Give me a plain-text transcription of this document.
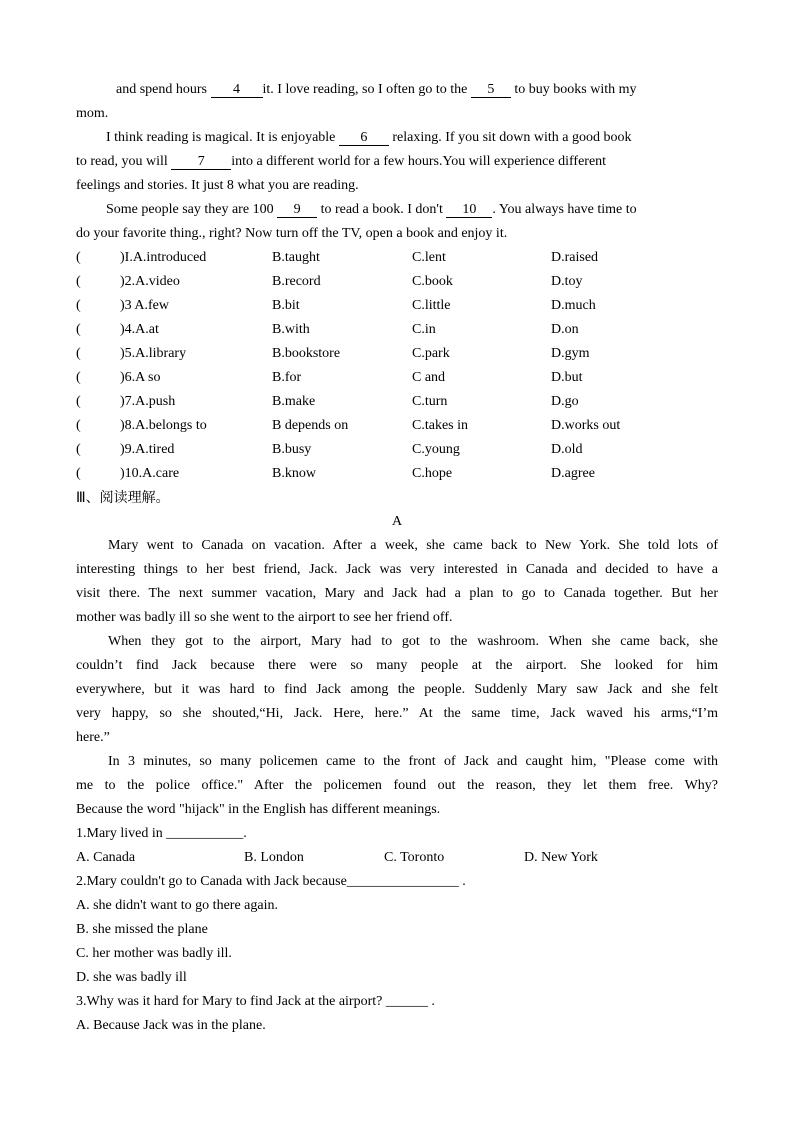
and spend hours 4 it. I love reading, so I often go to the 5 to buy books with my
mom.
I think reading is magical. It is enjoyable 6 relaxing. If you sit down with a good book
to read, you will 7 into a different world for a few hours.You will experience different
feelings and stories. It just 8 what you are reading.
Some people say they are 100 9 to read a book. I don't 10 . You always have time to
do your favorite thing., right? Now turn off the TV, open a book and enjoy it.
(	)I.A.introduced	B.taught	C.lent	D.raised
(	)2.A.video	B.record	C.book	D.toy
(	)3 A.few	B.bit	C.little	D.much
(	)4.A.at	B.with	C.in	D.on
(	)5.A.library	B.bookstore	C.park	D.gym
(	)6.A so	B.for	C and	D.but
(	)7.A.push	B.make	C.turn	D.go
(	)8.A.belongs to	B depends on	C.takes in	D.works out
(	)9.A.tired	B.busy	C.young	D.old
(	)10.A.care	B.know	C.hope	D.agree
Ⅲ、阅读理解。
A
Mary went to Canada on vacation. After a week, she came back to New York. She told lots of
interesting things to her best friend, Jack. Jack was very interested in Canada and decided to have a
visit there. The next summer vacation, Mary and Jack had a plan to go to Canada together. But her
mother was badly ill so she went to the airport to see her friend off.
When they got to the airport, Mary had to got to the washroom. When she came back, she
couldn’t find Jack because there were so many people at the airport. She looked for him
everywhere, but it was hard to find Jack among the people. Suddenly Mary saw Jack and she felt
very happy, so she shouted,“Hi, Jack. Here, here.” At the same time, Jack waved his arms,“I’m
here.”
In 3 minutes, so many policemen came to the front of Jack and caught him, "Please come with
me to the police office." After the policemen found out the reason, they let them free. Why?
Because the word "hijack" in the English has different meanings.
1.Mary lived in ___________.
A. Canada	B. London	C. Toronto	D. New York
2.Mary couldn't go to Canada with Jack because________________ .
A. she didn't want to go there again.
B. she missed the plane
C. her mother was badly ill.
D. she was badly ill
3.Why was it hard for Mary to find Jack at the airport? ______ .
A. Because Jack was in the plane.
